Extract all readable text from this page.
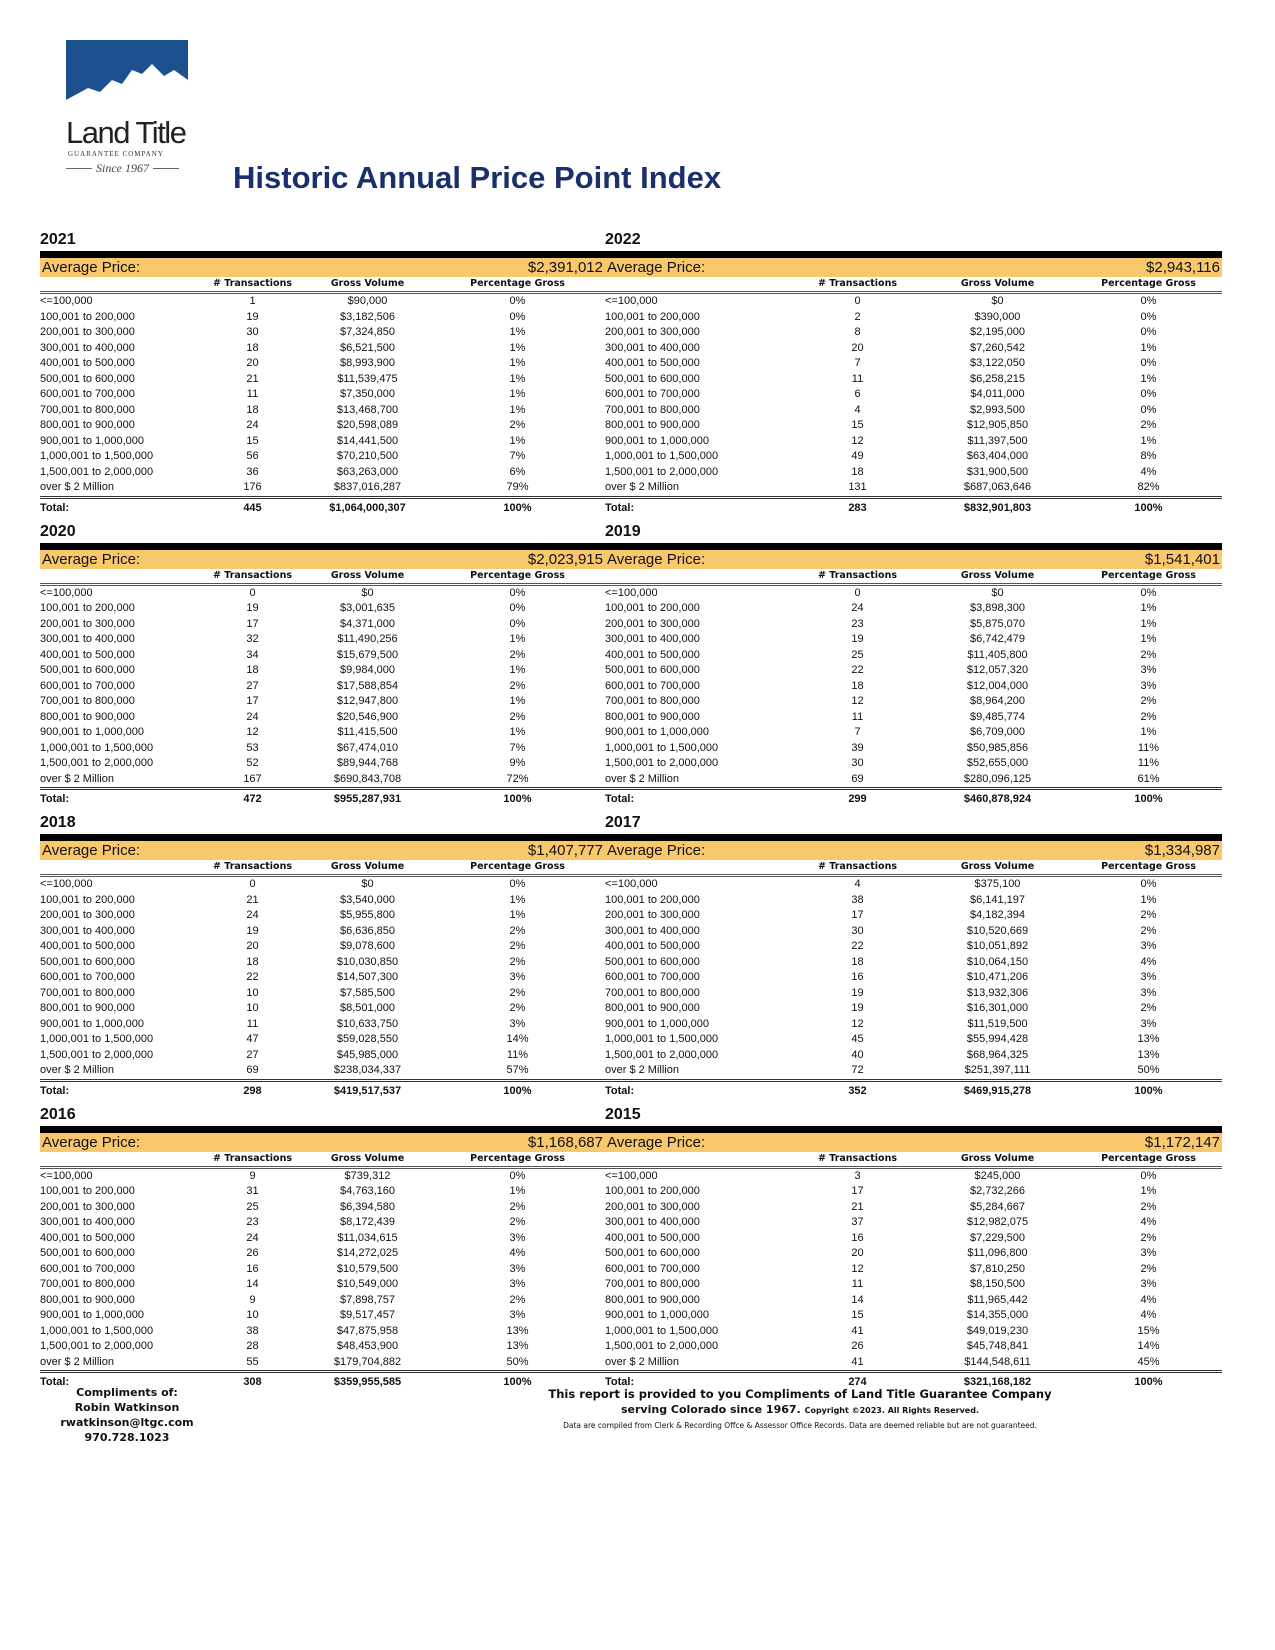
Land Title
GUARANTEE COMPANY
Since 1967	Historic Annual Price Point Index
2021
Average Price:	$2,391,012
# Transactions	Gross Volume	Percentage Gross
<=100,000	1	$90,000	0%
100,001 to 200,000	19	$3,182,506	0%
200,001 to 300,000	30	$7,324,850	1%
300,001 to 400,000	18	$6,521,500	1%
400,001 to 500,000	20	$8,993,900	1%
500,001 to 600,000	21	$11,539,475	1%
600,001 to 700,000	11	$7,350,000	1%
700,001 to 800,000	18	$13,468,700	1%
800,001 to 900,000	24	$20,598,089	2%
900,001 to 1,000,000	15	$14,441,500	1%
1,000,001 to 1,500,000	56	$70,210,500	7%
1,500,001 to 2,000,000	36	$63,263,000	6%
over $ 2 Million	176	$837,016,287	79%
Total:	445	$1,064,000,307	100%
2022
Average Price:	$2,943,116
# Transactions	Gross Volume	Percentage Gross
<=100,000	0	$0	0%
100,001 to 200,000	2	$390,000	0%
200,001 to 300,000	8	$2,195,000	0%
300,001 to 400,000	20	$7,260,542	1%
400,001 to 500,000	7	$3,122,050	0%
500,001 to 600,000	11	$6,258,215	1%
600,001 to 700,000	6	$4,011,000	0%
700,001 to 800,000	4	$2,993,500	0%
800,001 to 900,000	15	$12,905,850	2%
900,001 to 1,000,000	12	$11,397,500	1%
1,000,001 to 1,500,000	49	$63,404,000	8%
1,500,001 to 2,000,000	18	$31,900,500	4%
over $ 2 Million	131	$687,063,646	82%
Total:	283	$832,901,803	100%
2020
Average Price:	$2,023,915
# Transactions	Gross Volume	Percentage Gross
<=100,000	0	$0	0%
100,001 to 200,000	19	$3,001,635	0%
200,001 to 300,000	17	$4,371,000	0%
300,001 to 400,000	32	$11,490,256	1%
400,001 to 500,000	34	$15,679,500	2%
500,001 to 600,000	18	$9,984,000	1%
600,001 to 700,000	27	$17,588,854	2%
700,001 to 800,000	17	$12,947,800	1%
800,001 to 900,000	24	$20,546,900	2%
900,001 to 1,000,000	12	$11,415,500	1%
1,000,001 to 1,500,000	53	$67,474,010	7%
1,500,001 to 2,000,000	52	$89,944,768	9%
over $ 2 Million	167	$690,843,708	72%
Total:	472	$955,287,931	100%
2019
Average Price:	$1,541,401
# Transactions	Gross Volume	Percentage Gross
<=100,000	0	$0	0%
100,001 to 200,000	24	$3,898,300	1%
200,001 to 300,000	23	$5,875,070	1%
300,001 to 400,000	19	$6,742,479	1%
400,001 to 500,000	25	$11,405,800	2%
500,001 to 600,000	22	$12,057,320	3%
600,001 to 700,000	18	$12,004,000	3%
700,001 to 800,000	12	$8,964,200	2%
800,001 to 900,000	11	$9,485,774	2%
900,001 to 1,000,000	7	$6,709,000	1%
1,000,001 to 1,500,000	39	$50,985,856	11%
1,500,001 to 2,000,000	30	$52,655,000	11%
over $ 2 Million	69	$280,096,125	61%
Total:	299	$460,878,924	100%
2018
Average Price:	$1,407,777
# Transactions	Gross Volume	Percentage Gross
<=100,000	0	$0	0%
100,001 to 200,000	21	$3,540,000	1%
200,001 to 300,000	24	$5,955,800	1%
300,001 to 400,000	19	$6,636,850	2%
400,001 to 500,000	20	$9,078,600	2%
500,001 to 600,000	18	$10,030,850	2%
600,001 to 700,000	22	$14,507,300	3%
700,001 to 800,000	10	$7,585,500	2%
800,001 to 900,000	10	$8,501,000	2%
900,001 to 1,000,000	11	$10,633,750	3%
1,000,001 to 1,500,000	47	$59,028,550	14%
1,500,001 to 2,000,000	27	$45,985,000	11%
over $ 2 Million	69	$238,034,337	57%
Total:	298	$419,517,537	100%
2017
Average Price:	$1,334,987
# Transactions	Gross Volume	Percentage Gross
<=100,000	4	$375,100	0%
100,001 to 200,000	38	$6,141,197	1%
200,001 to 300,000	17	$4,182,394	2%
300,001 to 400,000	30	$10,520,669	2%
400,001 to 500,000	22	$10,051,892	3%
500,001 to 600,000	18	$10,064,150	4%
600,001 to 700,000	16	$10,471,206	3%
700,001 to 800,000	19	$13,932,306	3%
800,001 to 900,000	19	$16,301,000	2%
900,001 to 1,000,000	12	$11,519,500	3%
1,000,001 to 1,500,000	45	$55,994,428	13%
1,500,001 to 2,000,000	40	$68,964,325	13%
over $ 2 Million	72	$251,397,111	50%
Total:	352	$469,915,278	100%
2016
Average Price:	$1,168,687
# Transactions	Gross Volume	Percentage Gross
<=100,000	9	$739,312	0%
100,001 to 200,000	31	$4,763,160	1%
200,001 to 300,000	25	$6,394,580	2%
300,001 to 400,000	23	$8,172,439	2%
400,001 to 500,000	24	$11,034,615	3%
500,001 to 600,000	26	$14,272,025	4%
600,001 to 700,000	16	$10,579,500	3%
700,001 to 800,000	14	$10,549,000	3%
800,001 to 900,000	9	$7,898,757	2%
900,001 to 1,000,000	10	$9,517,457	3%
1,000,001 to 1,500,000	38	$47,875,958	13%
1,500,001 to 2,000,000	28	$48,453,900	13%
over $ 2 Million	55	$179,704,882	50%
Total:	308	$359,955,585	100%
2015
Average Price:	$1,172,147
# Transactions	Gross Volume	Percentage Gross
<=100,000	3	$245,000	0%
100,001 to 200,000	17	$2,732,266	1%
200,001 to 300,000	21	$5,284,667	2%
300,001 to 400,000	37	$12,982,075	4%
400,001 to 500,000	16	$7,229,500	2%
500,001 to 600,000	20	$11,096,800	3%
600,001 to 700,000	12	$7,810,250	2%
700,001 to 800,000	11	$8,150,500	3%
800,001 to 900,000	14	$11,965,442	4%
900,001 to 1,000,000	15	$14,355,000	4%
1,000,001 to 1,500,000	41	$49,019,230	15%
1,500,001 to 2,000,000	26	$45,748,841	14%
over $ 2 Million	41	$144,548,611	45%
Total:	274	$321,168,182	100%
Compliments of:
Robin Watkinson
rwatkinson@ltgc.com
970.728.1023
This report is provided to you Compliments of Land Title Guarantee Company
serving Colorado since 1967. Copyright ©2023. All Rights Reserved.
Data are compiled from Clerk & Recording Offce & Assessor Office Records. Data are deemed reliable but are not guaranteed.
